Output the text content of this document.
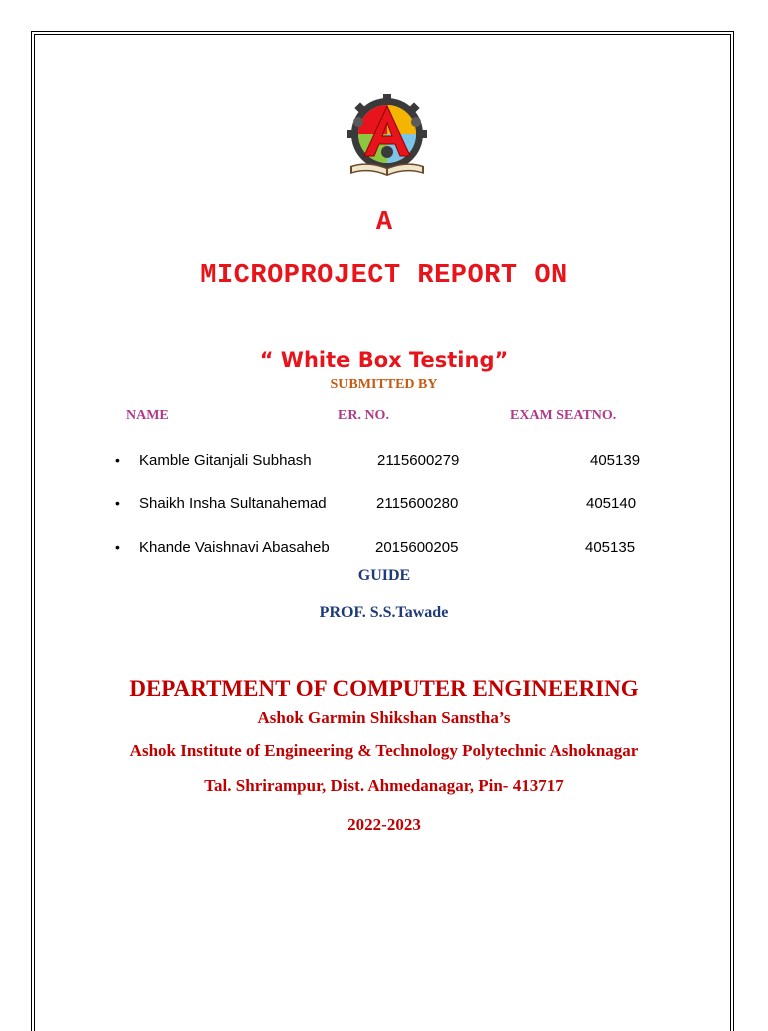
A
MICROPROJECT REPORT ON
“ White Box Testing”
SUBMITTED BY
NAME	ER. NO.	EXAM SEATNO.
• Kamble Gitanjali Subhash	2115600279	405139
• Shaikh Insha Sultanahemad	2115600280	405140
• Khande Vaishnavi Abasaheb	2015600205	405135
GUIDE
PROF. S.S.Tawade
DEPARTMENT OF COMPUTER ENGINEERING
Ashok Garmin Shikshan Sanstha’s
Ashok Institute of Engineering & Technology Polytechnic Ashoknagar
Tal. Shrirampur, Dist. Ahmedanagar, Pin- 413717
2022-2023
